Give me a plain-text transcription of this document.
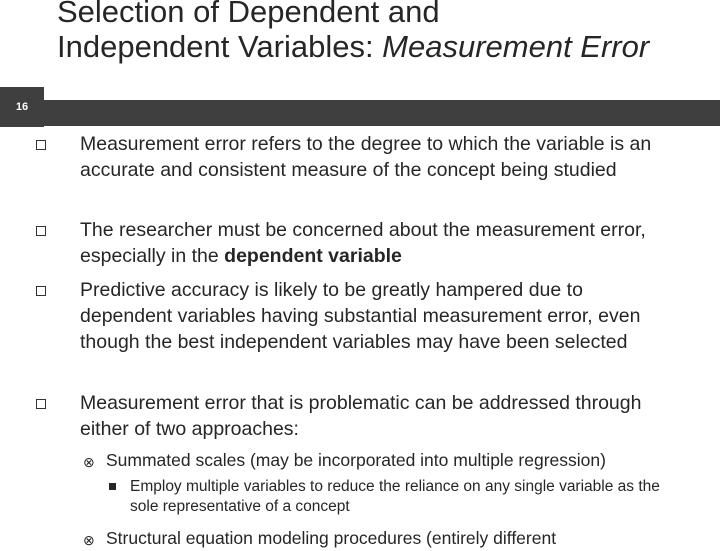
16
Selection of Dependent and
Independent Variables: Measurement Error
Measurement error refers to the degree to which the variable is an accurate and consistent measure of the concept being studied
The researcher must be concerned about the measurement error, especially in the dependent variable
Predictive accuracy is likely to be greatly hampered due to dependent variables having substantial measurement error, even though the best independent variables may have been selected
Measurement error that is problematic can be addressed through either of two approaches:
⊗ Summated scales (may be incorporated into multiple regression)
Employ multiple variables to reduce the reliance on any single variable as the sole representative of a concept
⊗ Structural equation modeling procedures (entirely different
